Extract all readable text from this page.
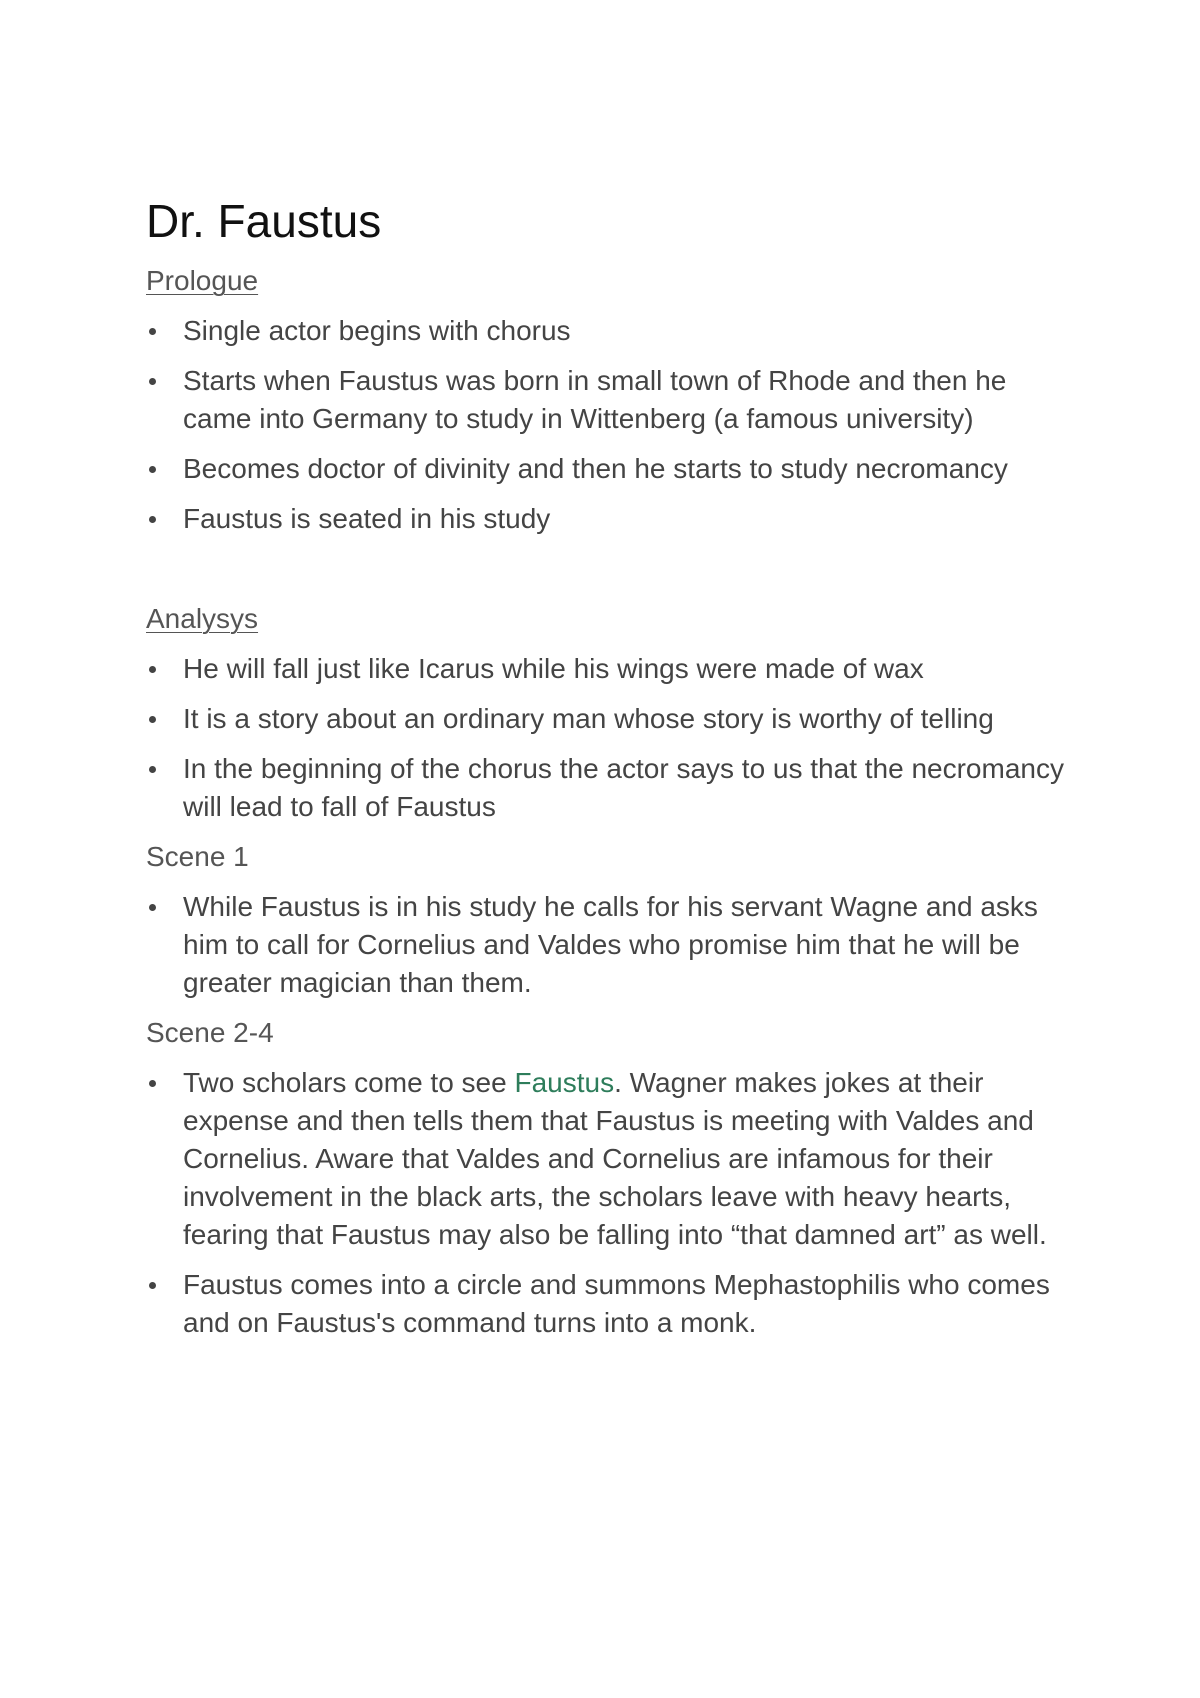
Dr. Faustus

Prologue

Single actor begins with chorus
Starts when Faustus was born in small town of Rhode and then he came into Germany to study in Wittenberg (a famous university)
Becomes doctor of divinity and then he starts to study necromancy
Faustus is seated in his study

Analysys

He will fall just like Icarus while his wings were made of wax
It is a story about an ordinary man whose story is worthy of telling
In the beginning of the chorus the actor says to us that the necromancy will lead to fall of Faustus

Scene 1

While Faustus is in his study he calls for his servant Wagne and asks him to call for Cornelius and Valdes who promise him that he will be greater magician than them.

Scene 2-4

Two scholars come to see Faustus. Wagner makes jokes at their expense and then tells them that Faustus is meeting with Valdes and Cornelius. Aware that Valdes and Cornelius are infamous for their involvement in the black arts, the scholars leave with heavy hearts, fearing that Faustus may also be falling into “that damned art” as well.
Faustus comes into a circle and summons Mephastophilis who comes and on Faustus's command turns into a monk.
